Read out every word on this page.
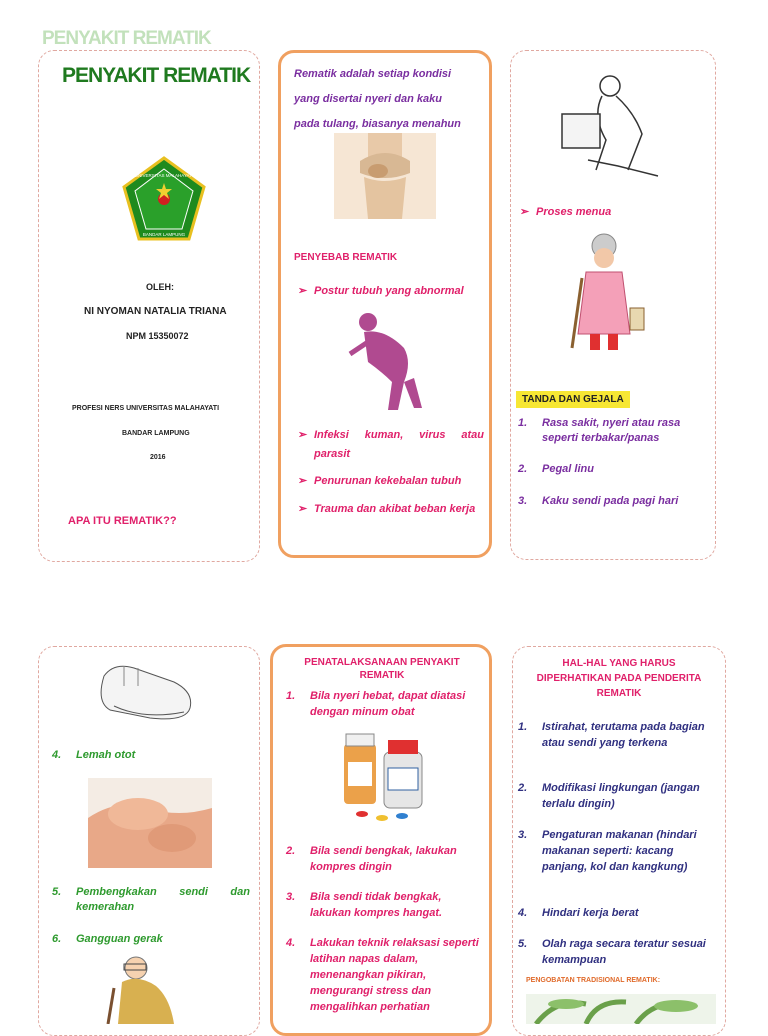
PENYAKIT REMATIK
PENYAKIT REMATIK
UNIVERSITAS MALAHAYATI
BANDAR LAMPUNG
OLEH:
NI NYOMAN NATALIA TRIANA
NPM 15350072
PROFESI NERS UNIVERSITAS MALAHAYATI
BANDAR LAMPUNG
2016
APA ITU REMATIK??
Rematik adalah setiap kondisi
yang disertai nyeri dan kaku
pada tulang, biasanya menahun
PENYEBAB REMATIK
➢ Postur tubuh yang abnormal
➢ Infeksi kuman, virus atau parasit
➢ Penurunan kekebalan tubuh
➢ Trauma dan akibat beban kerja
➢ Proses menua
TANDA DAN GEJALA
1.	Rasa sakit, nyeri atau rasa seperti terbakar/panas
2.	Pegal linu
3.	Kaku sendi pada pagi hari
4.	Lemah otot
5.	Pembengkakan sendi dan kemerahan
6.	Gangguan gerak
PENATALAKSANAAN PENYAKIT REMATIK
1.	Bila nyeri hebat, dapat diatasi dengan minum obat
2.	Bila sendi bengkak, lakukan kompres dingin
3.	Bila sendi tidak bengkak, lakukan kompres hangat.
4.	Lakukan teknik relaksasi seperti latihan napas dalam, menenangkan pikiran, mengurangi stress dan mengalihkan perhatian
HAL-HAL YANG HARUS DIPERHATIKAN PADA PENDERITA REMATIK
1.	Istirahat, terutama pada bagian atau sendi yang terkena
2.	Modifikasi lingkungan (jangan terlalu dingin)
3.	Pengaturan makanan (hindari makanan seperti: kacang panjang, kol dan kangkung)
4.	Hindari kerja berat
5.	Olah raga secara teratur sesuai kemampuan
PENGOBATAN TRADISIONAL REMATIK:
